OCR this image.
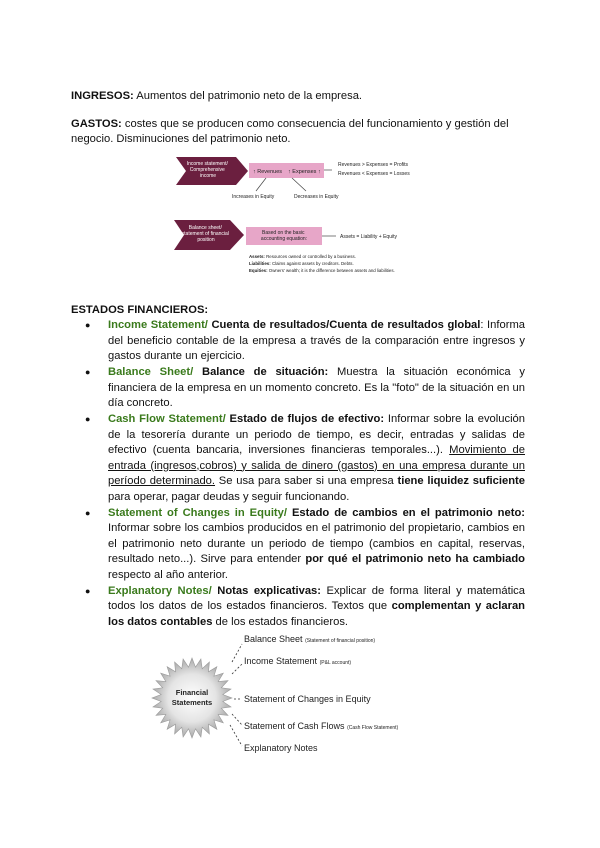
INGRESOS: Aumentos del patrimonio neto de la empresa.
GASTOS: costes que se producen como consecuencia del funcionamiento y gestión del negocio. Disminuciones del patrimonio neto.
Income statement/ Comprehensive income
↑ Revenues ↑ Expenses ↑
Revenues > Expenses = Profits
Revenues < Expenses = Losses
Increases in Equity	Decreases in Equity
Balance sheet/ statement of financial position
Based on the basic accounting equation:	Assets = Liability + Equity
Assets: Resources owned or controlled by a business.
Liabilities: Claims against assets by creditors. Debts.
Equities: Owners' wealth; it is the difference between assets and liabilities.
ESTADOS FINANCIEROS:
● Income Statement/ Cuenta de resultados/Cuenta de resultados global: Informa del beneficio contable de la empresa a través de la comparación entre ingresos y gastos durante un ejercicio.
● Balance Sheet/ Balance de situación: Muestra la situación económica y financiera de la empresa en un momento concreto. Es la "foto" de la situación en un día concreto.
● Cash Flow Statement/ Estado de flujos de efectivo: Informar sobre la evolución de la tesorería durante un periodo de tiempo, es decir, entradas y salidas de efectivo (cuenta bancaria, inversiones financieras temporales...). Movimiento de entrada (ingresos,cobros) y salida de dinero (gastos) en una empresa durante un período determinado. Se usa para saber si una empresa tiene liquidez suficiente para operar, pagar deudas y seguir funcionando.
● Statement of Changes in Equity/ Estado de cambios en el patrimonio neto: Informar sobre los cambios producidos en el patrimonio del propietario, cambios en el patrimonio neto durante un periodo de tiempo (cambios en capital, reservas, resultado neto...). Sirve para entender por qué el patrimonio neto ha cambiado respecto al año anterior.
● Explanatory Notes/ Notas explicativas: Explicar de forma literal y matemática todos los datos de los estados financieros. Textos que complementan y aclaran los datos contables de los estados financieros.
Financial
Statements
Balance Sheet (Statement of financial position)
Income Statement (P&L account)
Statement of Changes in Equity
Statement of Cash Flows (Cash Flow Statement)
Explanatory Notes
